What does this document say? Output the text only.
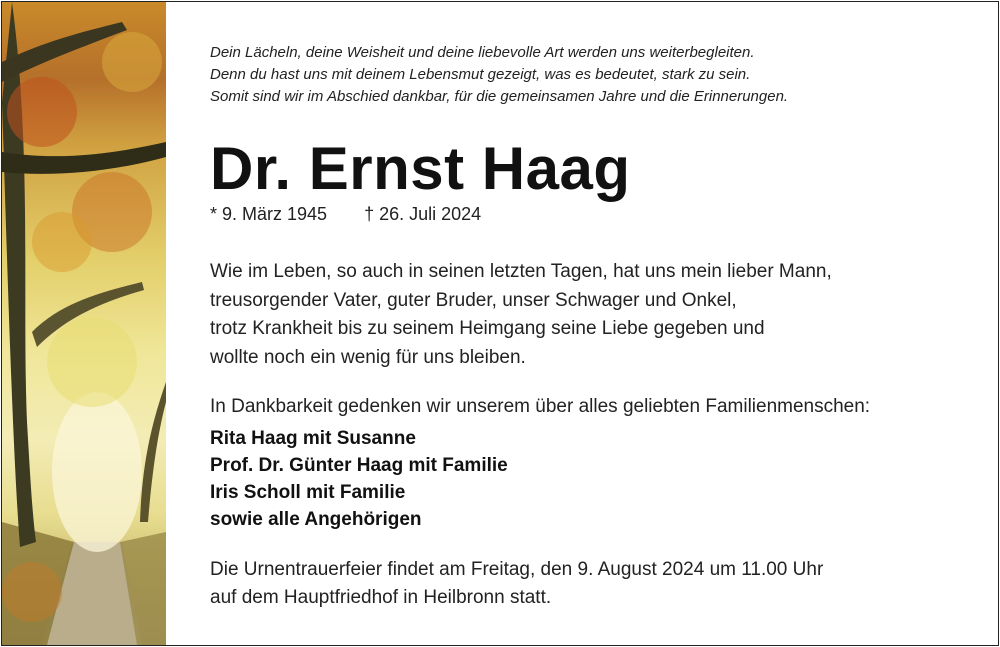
Dein Lächeln, deine Weisheit und deine liebevolle Art werden uns weiterbegleiten.
Denn du hast uns mit deinem Lebensmut gezeigt, was es bedeutet, stark zu sein.
Somit sind wir im Abschied dankbar, für die gemeinsamen Jahre und die Erinnerungen.
Dr. Ernst Haag
* 9. März 1945 † 26. Juli 2024
Wie im Leben, so auch in seinen letzten Tagen, hat uns mein lieber Mann,
treusorgender Vater, guter Bruder, unser Schwager und Onkel,
trotz Krankheit bis zu seinem Heimgang seine Liebe gegeben und
wollte noch ein wenig für uns bleiben.
In Dankbarkeit gedenken wir unserem über alles geliebten Familienmenschen:
Rita Haag mit Susanne
Prof. Dr. Günter Haag mit Familie
Iris Scholl mit Familie
sowie alle Angehörigen
Die Urnentrauerfeier findet am Freitag, den 9. August 2024 um 11.00 Uhr
auf dem Hauptfriedhof in Heilbronn statt.
